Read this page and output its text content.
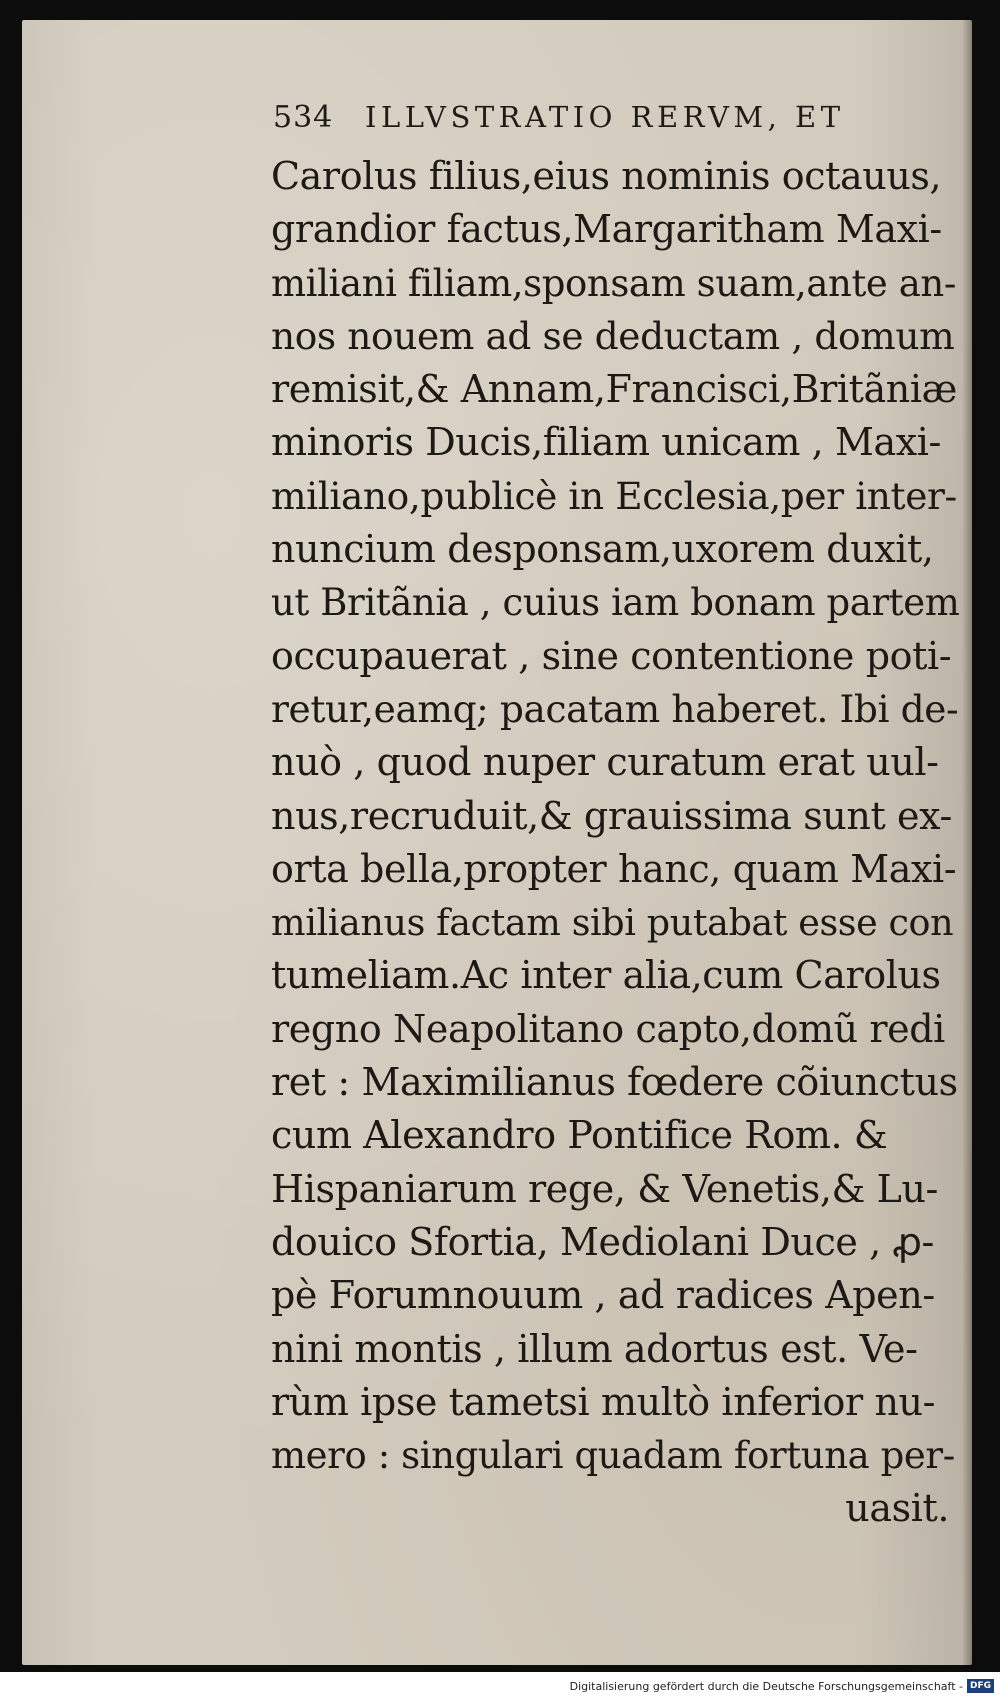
534 ILLVSTRATIO RERVM, ET
Carolus filius,eius nominis octauus,
grandior factus,Margaritham Maxi-
miliani filiam,sponsam suam,ante an-
nos nouem ad se deductam , domum
remisit,& Annam,Francisci,Britãniæ
minoris Ducis,filiam unicam , Maxi-
miliano,publicè in Ecclesia,per inter-
nuncium desponsam,uxorem duxit,
ut Britãnia , cuius iam bonam partem
occupauerat , sine contentione poti-
retur,eamq; pacatam haberet. Ibi de-
nuò , quod nuper curatum erat uul-
nus,recruduit,& grauissima sunt ex-
orta bella,propter hanc, quam Maxi-
milianus factam sibi putabat esse con
tumeliam.Ac inter alia,cum Carolus
regno Neapolitano capto,domũ redi
ret : Maximilianus fœdere cõiunctus
cum Alexandro Pontifice Rom. &
Hispaniarum rege, & Venetis,& Lu-
douico Sfortia, Mediolani Duce , ꝓ-
pè Forumnouum , ad radices Apen-
nini montis , illum adortus est. Ve-
rùm ipse tametsi multò inferior nu-
mero : singulari quadam fortuna per-
uasit.
Digitalisierung gefördert durch die Deutsche Forschungsgemeinschaft - DFG
